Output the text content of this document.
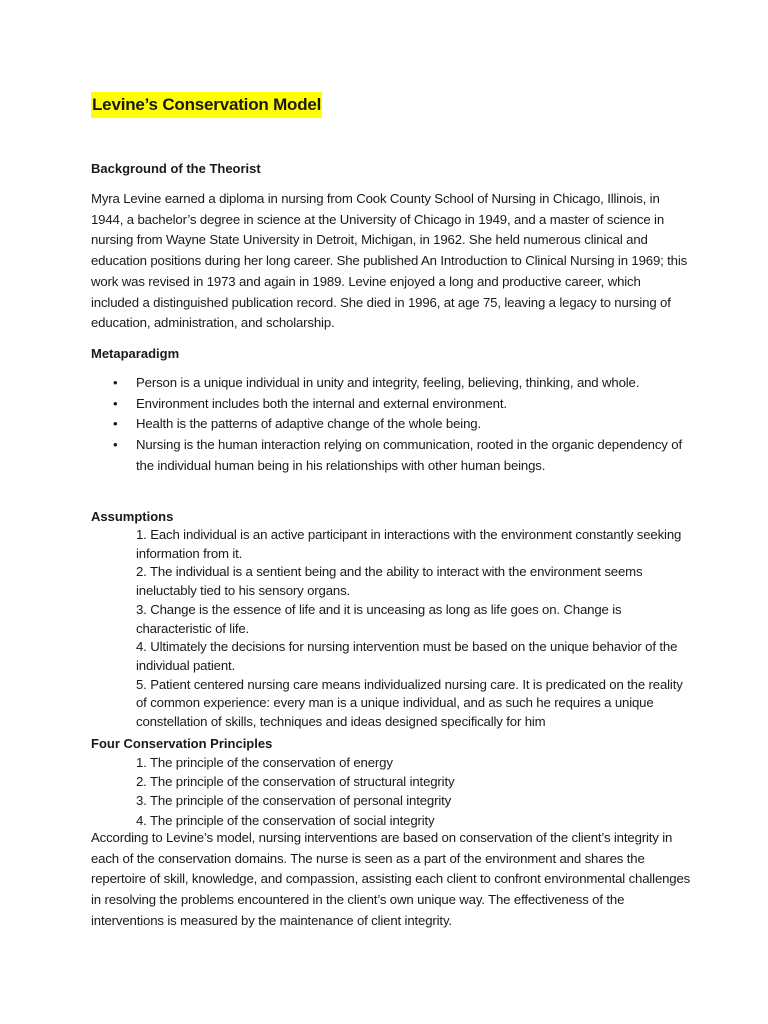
Levine’s Conservation Model
Background of the Theorist

Myra Levine earned a diploma in nursing from Cook County School of Nursing in Chicago, Illinois, in 1944, a bachelor’s degree in science at the University of Chicago in 1949, and a master of science in nursing from Wayne State University in Detroit, Michigan, in 1962. She held numerous clinical and education positions during her long career. She published An Introduction to Clinical Nursing in 1969; this work was revised in 1973 and again in 1989. Levine enjoyed a long and productive career, which included a distinguished publication record. She died in 1996, at age 75, leaving a legacy to nursing of education, administration, and scholarship.

Metaparadigm
• Person is a unique individual in unity and integrity, feeling, believing, thinking, and whole.
• Environment includes both the internal and external environment.
• Health is the patterns of adaptive change of the whole being.
• Nursing is the human interaction relying on communication, rooted in the organic dependency of the individual human being in his relationships with other human beings.
Assumptions
1. Each individual is an active participant in interactions with the environment constantly seeking information from it.
2. The individual is a sentient being and the ability to interact with the environment seems ineluctably tied to his sensory organs.
3. Change is the essence of life and it is unceasing as long as life goes on. Change is characteristic of life.
4. Ultimately the decisions for nursing intervention must be based on the unique behavior of the individual patient.
5. Patient centered nursing care means individualized nursing care. It is predicated on the reality of common experience: every man is a unique individual, and as such he requires a unique constellation of skills, techniques and ideas designed specifically for him
Four Conservation Principles
1. The principle of the conservation of energy
2. The principle of the conservation of structural integrity
3. The principle of the conservation of personal integrity
4. The principle of the conservation of social integrity

According to Levine’s model, nursing interventions are based on conservation of the client’s integrity in each of the conservation domains. The nurse is seen as a part of the environment and shares the repertoire of skill, knowledge, and compassion, assisting each client to confront environmental challenges in resolving the problems encountered in the client’s own unique way. The effectiveness of the interventions is measured by the maintenance of client integrity.
